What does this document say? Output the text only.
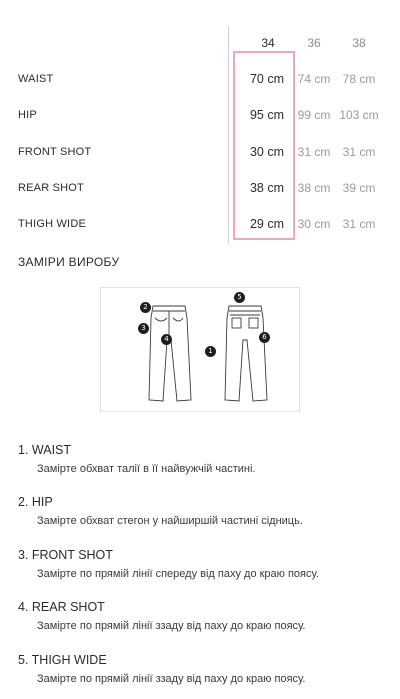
34	36	38
WAIST	70 cm	74 cm	78 cm
HIP	95 cm	99 cm 103 cm
FRONT SHOT	30 cm	31 cm	31 cm
REAR SHOT	38 cm	38 cm	39 cm
THIGH WIDE	29 cm	30 cm	31 cm
ЗАМІРИ ВИРОБУ
2
3
4
5
1
6
1. WAIST
Заміртe обхват талії в її найвужчій частині.
2. HIP
Заміртe обхват стегон у найширшій частині сідниць.
3. FRONT SHOT
Заміртe по прямій лінії спереду від паху до краю поясу.
4. REAR SHOT
Заміртe по прямій лінії ззаду від паху до краю поясу.
5. THIGH WIDE
Заміртe по прямій лінії ззаду від паху до краю поясу.
